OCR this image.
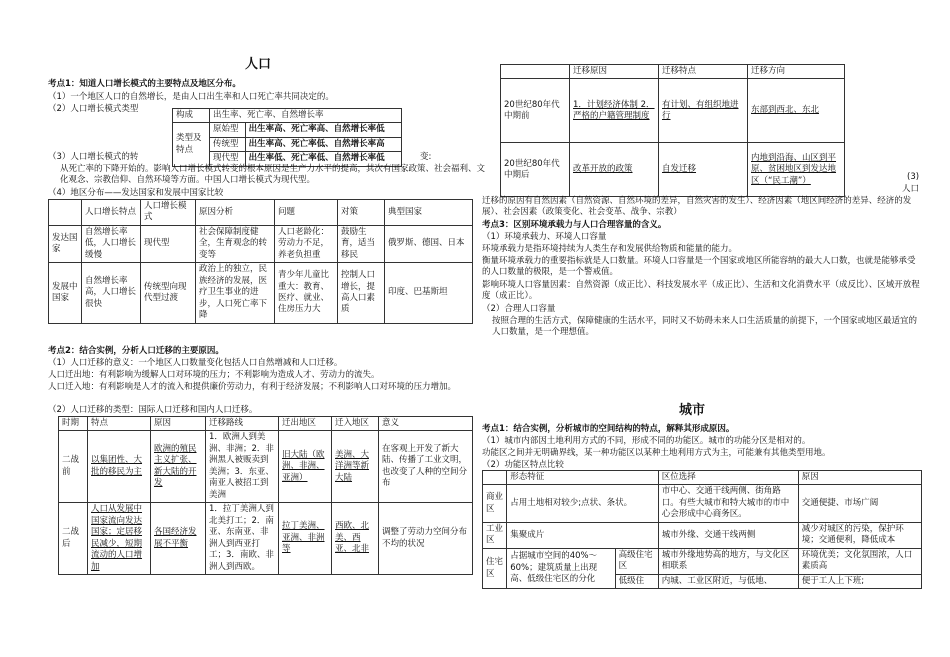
人口
考点1：知道人口增长模式的主要特点及地区分布。
（1）一个地区人口的自然增长，是由人口出生率和人口死亡率共同决定的。
（2）人口增长模式类型
构成	出生率、死亡率、自然增长率	
类型及特点	原始型	出生率高、死亡率高、自然增长率低
	传统型	出生率高、死亡率低、自然增长率高
	现代型	出生率低、死亡率低、自然增长率低
（3）人口增长模式的转	变:
从死亡率的下降开始的。影响人口增长模式转变的根本原因是生产力水平的提高，其次有国家政策、社会福利、文化观念、宗教信仰、自然环境等方面。中国人口增长模式为现代型。
（4）地区分布——发达国家和发展中国家比较
	人口增长特点	人口增长模式	原因分析	问题	对策	典型国家
发达国家	自然增长率低，人口增长缓慢	现代型	社会保障制度健全，生育观念的转变等	人口老龄化：劳动力不足，养老负担重	鼓励生育，适当移民	俄罗斯、德国、日本
发展中国家	自然增长率高，人口增长很快	传统型向现代型过渡	政治上的独立，民族经济的发展，医疗卫生事业的进步，人口死亡率下降	青少年儿童比重大：教育、医疗、就业、住房压力大	控制人口增长，提高人口素质	印度、巴基斯坦
考点2：结合实例，分析人口迁移的主要原因。
（1）人口迁移的意义：一个地区人口数量变化包括人口自然增减和人口迁移。
人口迁出地：有利影响为缓解人口对环境的压力；不利影响为造成人才、劳动力的流失。
人口迁入地：有利影响是人才的流入和提供廉价劳动力，有利于经济发展；不利影响人口对环境的压力增加。
（2）人口迁移的类型：国际人口迁移和国内人口迁移。
时期	特点	原因	迁移路线	迁出地区	迁入地区	意义
二战前	以集团性、大批的移民为主	欧洲的殖民主义扩张、新大陆的开发	1．欧洲人到美洲、非洲；2．非洲黑人被贩卖到美洲；3．东亚、南亚人被招工到美洲	旧大陆（欧洲、非洲、亚洲）	美洲、大洋洲等新大陆	在客观上开发了新大陆、传播了工业文明，也改变了人种的空间分布
二战后	人口从发展中国家流向发达国家；定居移民减少，短期流动的人口增加	各国经济发展不平衡	1．拉丁美洲人到北美打工；2．南亚、东南亚、非洲人到西亚打工；3．南欧、非洲人到西欧。	拉丁美洲、亚洲、非洲等	西欧、北美、西亚、北非	调整了劳动力空间分布不均的状况
	迁移原因	迁移特点	迁移方向
20世纪80年代中期前	1．计划经济体制 2．严格的户籍管理制度	有计划、有组织地进行	东部到西北、东北
20世纪80年代中期后	改革开放的政策	自发迁移	内地到沿海、山区到平原、贫困地区到发达地区（“民工潮”）	(3)
人口
迁移的原因有自然因素（自然资源、自然环境的差异，自然灾害的发生）、经济因素（地区间经济的差异、经济的发展）、社会因素（政策变化、社会变革、战争、宗教）
考点3：区别环境承载力与人口合理容量的含义。
（1）环境承载力、环境人口容量
环境承载力是指环境持续为人类生存和发展供给物质和能量的能力。
衡量环境承载力的重要指标就是人口数量。环境人口容量是一个国家或地区所能容纳的最大人口数，也就是能够承受的人口数量的极限，是一个警戒值。
影响环境人口容量因素：自然资源（成正比）、科技发展水平（成正比）、生活和文化消费水平（成反比）、区域开放程度（成正比）。
（2）合理人口容量
按照合理的生活方式，保障健康的生活水平，同时又不妨碍未来人口生活质量的前提下，一个国家或地区最适宜的人口数量，是一个理想值。
城市
考点1：结合实例，分析城市的空间结构的特点，解释其形成原因。
（1）城市内部因土地利用方式的不同，形成不同的功能区。城市的功能分区是相对的。
功能区之间并无明确界线，某一种功能区以某种土地利用方式为主，可能兼有其他类型用地。
（2）功能区特点比较
	形态特征		区位选择	原因
商业区	占用土地相对较少;点状、条状。		市中心、交通干线两侧、街角路口。有些大城市和特大城市的市中心会形成中心商务区。	交通便捷、市场广阔
工业区	集聚成片		城市外缘、交通干线两侧	减少对城区的污染，保护环境；交通便利，降低成本
住宅区	占据城市空间的40%～60%；建筑质量上出现高、低级住宅区的分化	高级住宅区	城市外缘地势高的地方，与文化区相联系	环境优美；文化氛围浓，人口素质高
		低级住	内城、工业区附近，与低地、	便于工人上下班;
